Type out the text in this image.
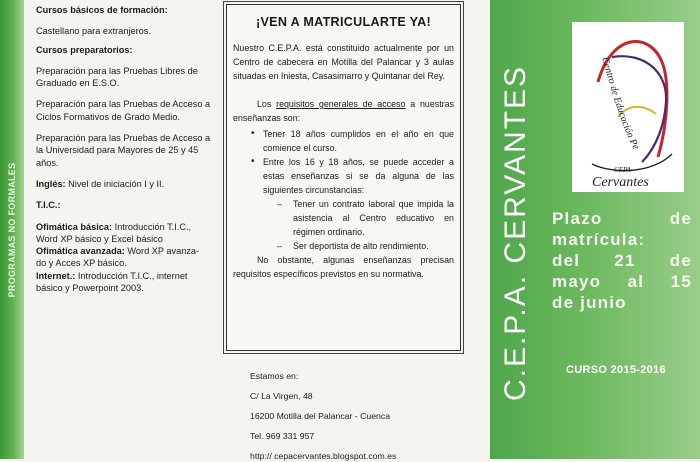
PROGRAMAS NO FORMALES

Cursos básicos de formación:

Castellano para extranjeros.

Cursos preparatorios:

Preparación para las Pruebas Libres de

Graduado en E.S.O.

Preparación para las Pruebas de Acceso a

Ciclos Formativos de Grado Medio.

Preparación para las Pruebas de Acceso a

la Universidad para Mayores de 25 y 45

años.

Inglés: Nivel de iniciación I y II.

T.I.C.:

Ofimática básica: Introducción T.I.C.,

Word XP básico y Excel básico

Ofimática avanzada: Word XP avanza-

do y Acces XP básico.

Internet.: Introducción T.I.C., internet

básico y Powerpoint 2003.

¡VEN A MATRICULARTE YA!

Nuestro C.E.P.A. está constituido actualmente por un Centro de cabecera en Motilla del Palancar y 3 aulas situadas en Iniesta, Casasimarro y Quintanar del Rey.

Los requisitos generales de acceso a nuestras enseñanzas son:

• Tener 18 años cumplidos en el año en que comience el curso.

• Entre los 16 y 18 años, se puede acceder a estas enseñanzas si se da alguna de las siguientes circunstancias:

– Tener un contrato laboral que impida la asistencia al Centro educativo en régimen ordinario.

– Ser deportista de alto rendimiento.

No obstante, algunas enseñanzas precisan requisitos específicos previstos en su normativa.

Estamos en:

C/ La Virgen, 48

16200 Motilla del Palancar - Cuenca

Tel. 969 331 957

http:// cepacervantes.blogspot.com.es

C.E.P.A. CERVANTES
Centro de Educación Pe
CEPA
Cervantes

Plazo de

matrícula:

del 21 de

mayo al 15

de junio

CURSO 2015-2016
